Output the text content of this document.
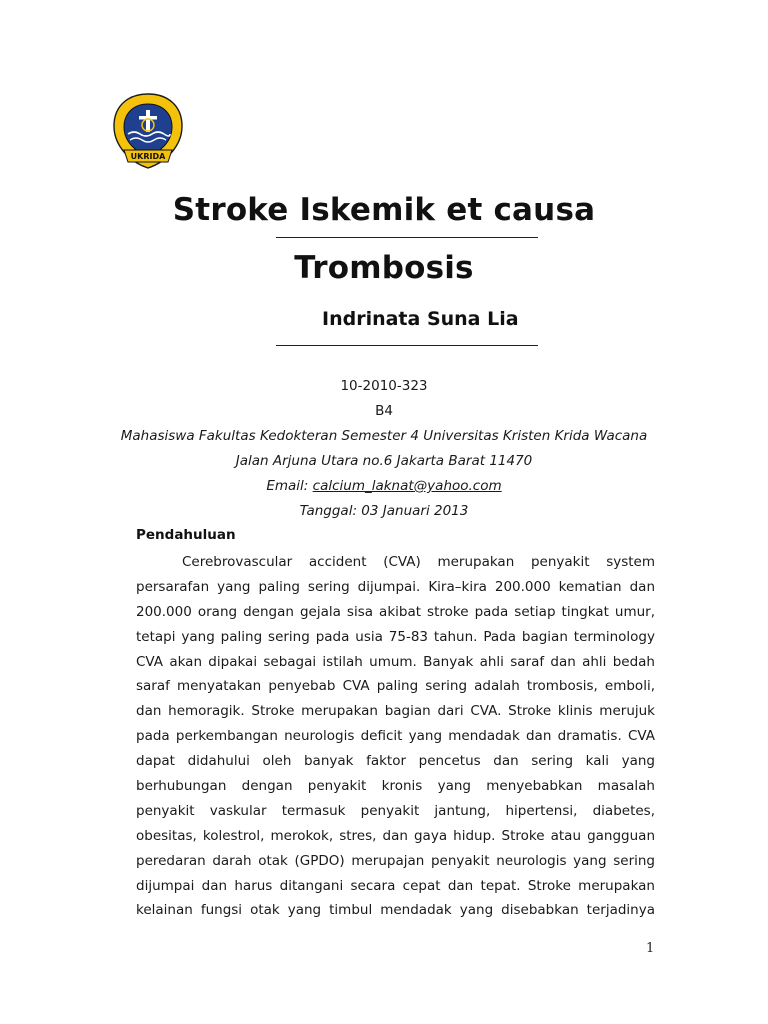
UKRIDA
Stroke Iskemik et causa
Trombosis

Indrinata Suna Lia

10-2010-323

B4

Mahasiswa Fakultas Kedokteran Semester 4 Universitas Kristen Krida Wacana

Jalan Arjuna Utara no.6 Jakarta Barat 11470

Email: calcium_laknat@yahoo.com

Tanggal: 03 Januari 2013

Pendahuluan

Cerebrovascular accident (CVA) merupakan penyakit system
persarafan yang paling sering dijumpai. Kira–kira 200.000 kematian dan
200.000 orang dengan gejala sisa akibat stroke pada setiap tingkat umur,
tetapi yang paling sering pada usia 75-83 tahun. Pada bagian terminology
CVA akan dipakai sebagai istilah umum. Banyak ahli saraf dan ahli bedah
saraf menyatakan penyebab CVA paling sering adalah trombosis, emboli,
dan hemoragik. Stroke merupakan bagian dari CVA. Stroke klinis merujuk
pada perkembangan neurologis deficit yang mendadak dan dramatis. CVA
dapat didahului oleh banyak faktor pencetus dan sering kali yang
berhubungan dengan penyakit kronis yang menyebabkan masalah
penyakit vaskular termasuk penyakit jantung, hipertensi, diabetes,
obesitas, kolestrol, merokok, stres, dan gaya hidup. Stroke atau gangguan
peredaran darah otak (GPDO) merupajan penyakit neurologis yang sering
dijumpai dan harus ditangani secara cepat dan tepat. Stroke merupakan
kelainan fungsi otak yang timbul mendadak yang disebabkan terjadinya

1
